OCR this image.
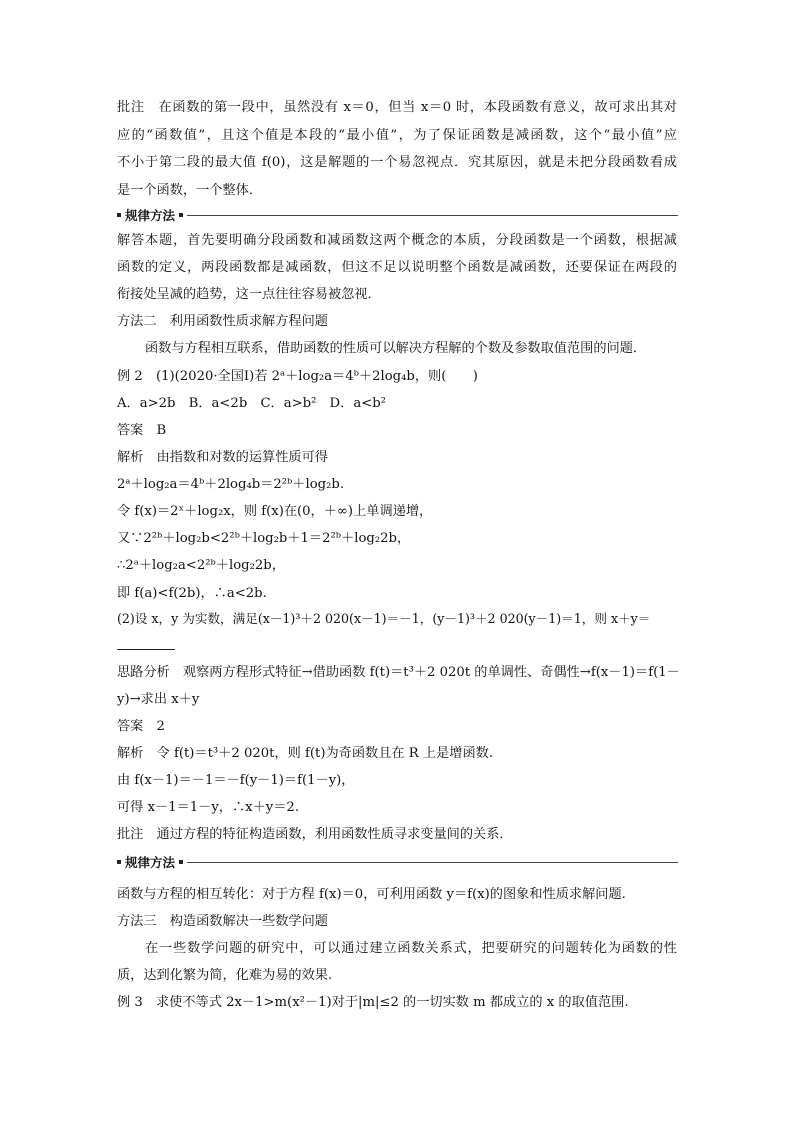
批注　在函数的第一段中，虽然没有 x＝0，但当 x＝0 时，本段函数有意义，故可求出其对
应的“函数值”，且这个值是本段的“最小值”，为了保证函数是减函数，这个“最小值”应
不小于第二段的最大值 f(0)，这是解题的一个易忽视点．究其原因，就是未把分段函数看成
是一个函数，一个整体．
规律方法
解答本题，首先要明确分段函数和减函数这两个概念的本质，分段函数是一个函数，根据减
函数的定义，两段函数都是减函数，但这不足以说明整个函数是减函数，还要保证在两段的
衔接处呈减的趋势，这一点往往容易被忽视．
方法二　利用函数性质求解方程问题
函数与方程相互联系，借助函数的性质可以解决方程解的个数及参数取值范围的问题．
例 2　(1)(2020·全国Ⅰ)若 2ᵃ＋log₂a＝4ᵇ＋2log₄b，则(　　)
A．a>2b　B．a<2b　C．a>b²　D．a<b²
答案　B
解析　由指数和对数的运算性质可得
2ᵃ＋log₂a＝4ᵇ＋2log₄b＝2²ᵇ＋log₂b.
令 f(x)＝2ˣ＋log₂x，则 f(x)在(0，＋∞)上单调递增，
又∵2²ᵇ＋log₂b<2²ᵇ＋log₂b＋1＝2²ᵇ＋log₂2b，
∴2ᵃ＋log₂a<2²ᵇ＋log₂2b，
即 f(a)<f(2b)，∴a<2b.
(2)设 x，y 为实数，满足(x－1)³＋2 020(x－1)＝－1，(y－1)³＋2 020(y－1)＝1，则 x＋y＝
思路分析　观察两方程形式特征→借助函数 f(t)＝t³＋2 020t 的单调性、奇偶性→f(x－1)＝f(1－
y)→求出 x＋y
答案　2
解析　令 f(t)＝t³＋2 020t，则 f(t)为奇函数且在 R 上是增函数.
由 f(x－1)＝－1＝－f(y－1)＝f(1－y)，
可得 x－1＝1－y，∴x＋y＝2.
批注　通过方程的特征构造函数，利用函数性质寻求变量间的关系．
规律方法
函数与方程的相互转化：对于方程 f(x)＝0，可利用函数 y＝f(x)的图象和性质求解问题.
方法三　构造函数解决一些数学问题
在一些数学问题的研究中，可以通过建立函数关系式，把要研究的问题转化为函数的性
质，达到化繁为简，化难为易的效果.
例 3　求使不等式 2x－1>m(x²－1)对于|m|≤2 的一切实数 m 都成立的 x 的取值范围.
